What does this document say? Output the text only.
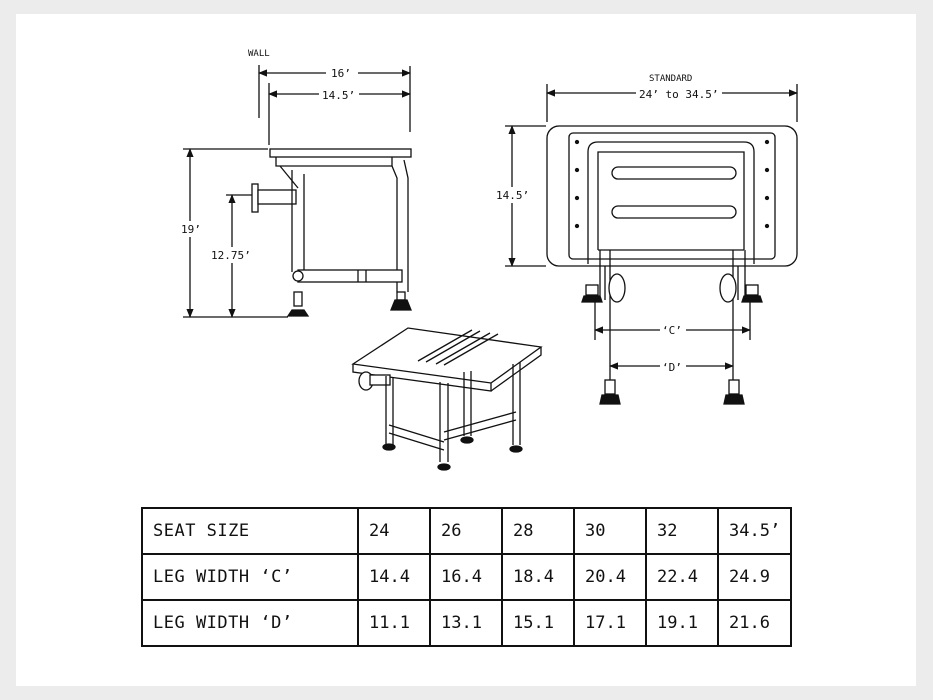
WALL
16’
14.5’
19’
12.75’
STANDARD
24’ to 34.5’
14.5’
‘C’
‘D’
SEAT SIZE	24	26	28	30	32	34.5’
LEG WIDTH ‘C’	14.4	16.4	18.4	20.4	22.4	24.9
LEG WIDTH ‘D’	11.1	13.1	15.1	17.1	19.1	21.6
